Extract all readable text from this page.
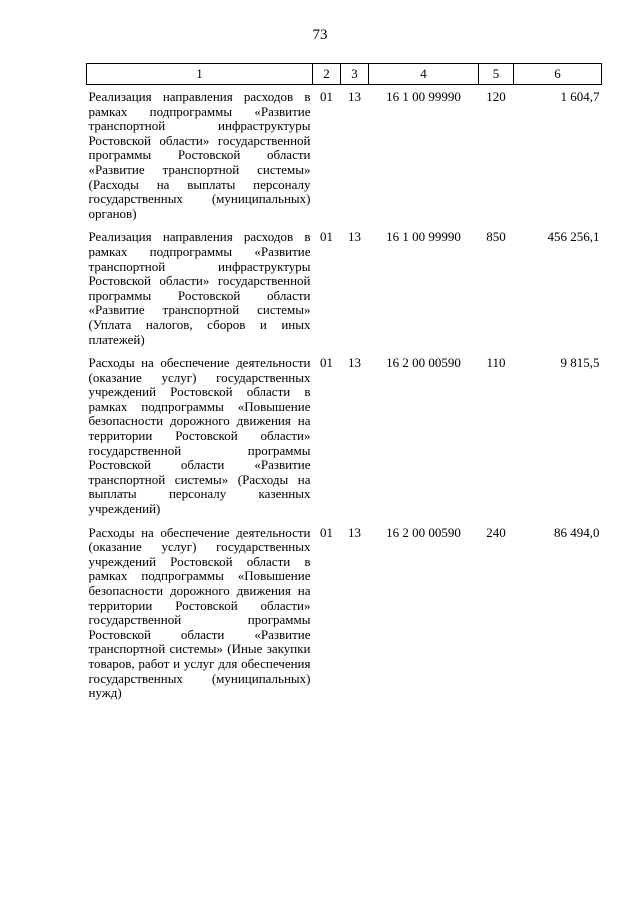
73
1	2	3	4	5	6
Реализация направления расходов в рамках подпрограммы «Развитие транспортной инфраструктуры Ростовской области» государственной программы Ростовской области «Развитие транспортной системы» (Расходы на выплаты персоналу государственных (муниципальных) органов)	01	13	16 1 00 99990	120	1 604,7
Реализация направления расходов в рамках подпрограммы «Развитие транспортной инфраструктуры Ростовской области» государственной программы Ростовской области «Развитие транспортной системы» (Уплата налогов, сборов и иных платежей)	01	13	16 1 00 99990	850	456 256,1
Расходы на обеспечение деятельности (оказание услуг) государственных учреждений Ростовской области в рамках подпрограммы «Повышение безопасности дорожного движения на территории Ростовской области» государственной программы Ростовской области «Развитие транспортной системы» (Расходы на выплаты персоналу казенных учреждений)	01	13	16 2 00 00590	110	9 815,5
Расходы на обеспечение деятельности (оказание услуг) государственных учреждений Ростовской области в рамках подпрограммы «Повышение безопасности дорожного движения на территории Ростовской области» государственной программы Ростовской области «Развитие транспортной системы» (Иные закупки товаров, работ и услуг для обеспечения государственных (муниципальных) нужд)	01	13	16 2 00 00590	240	86 494,0
